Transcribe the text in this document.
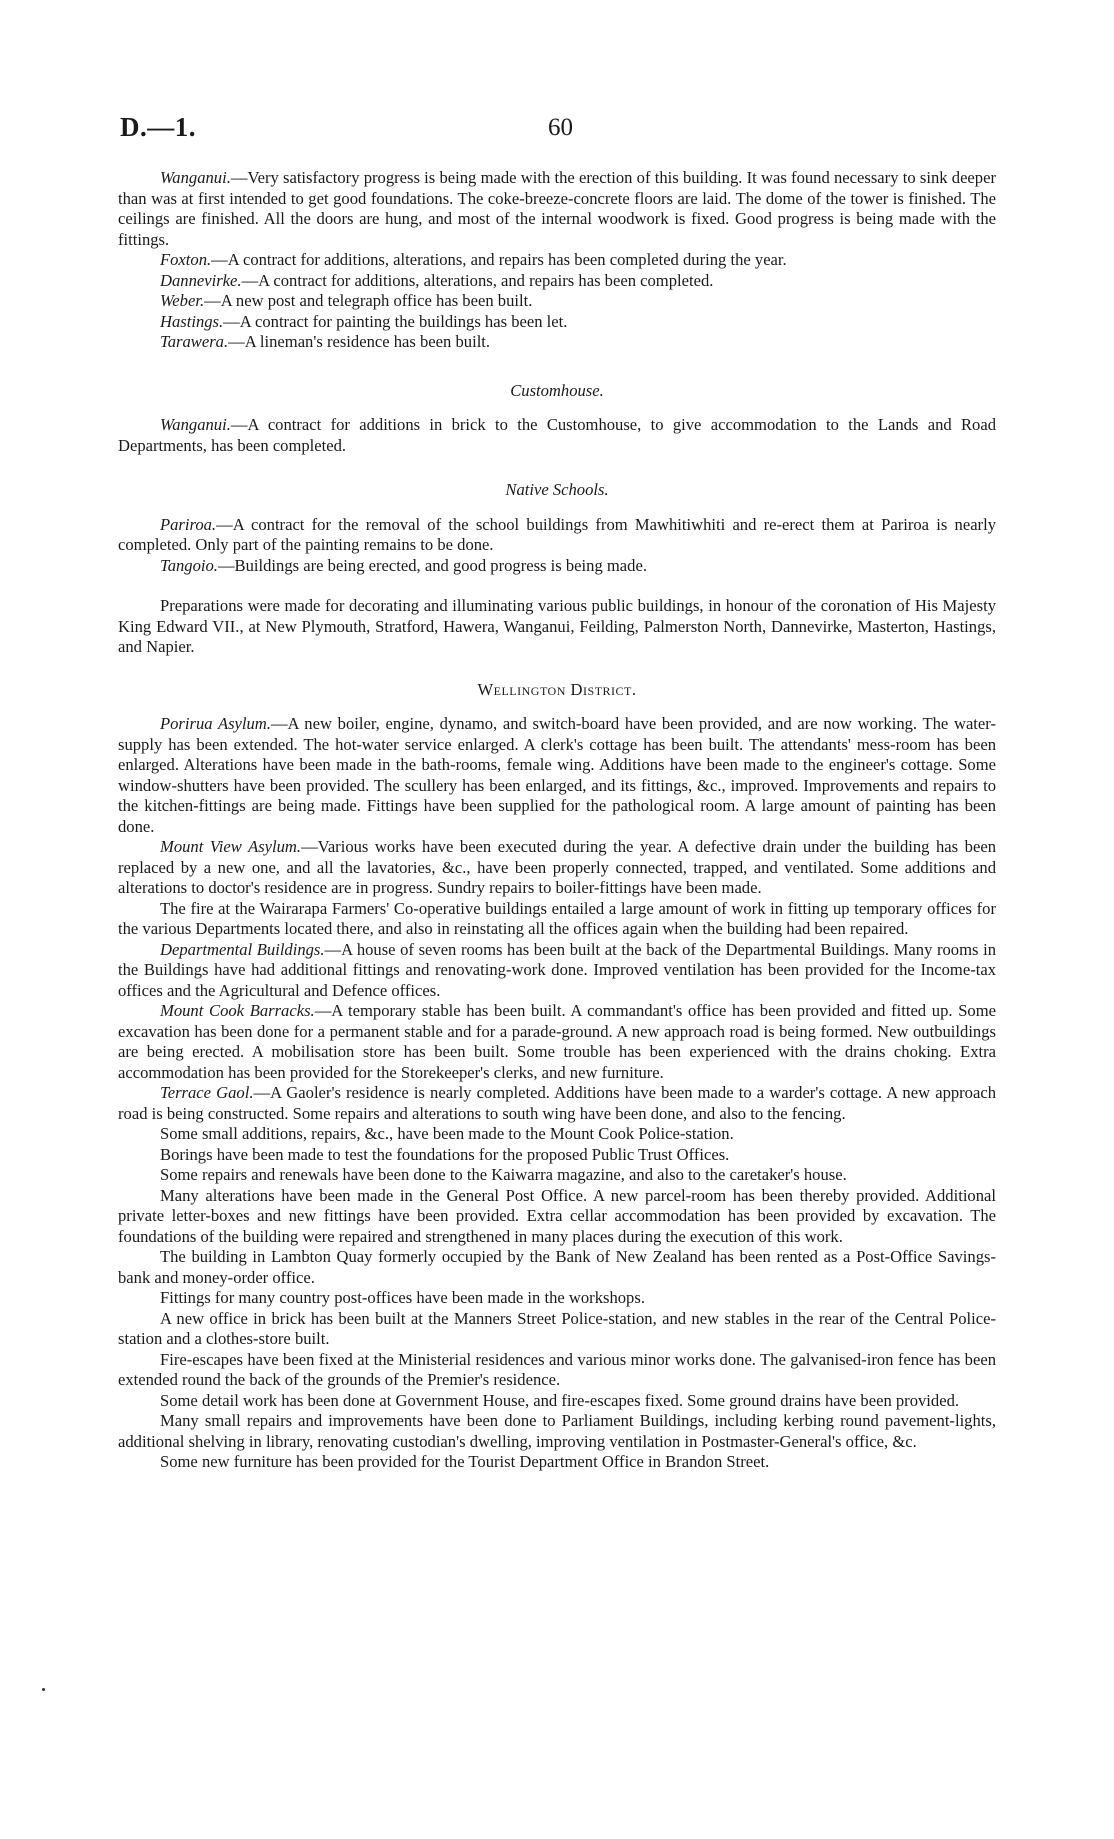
D.—1.	60

Wanganui.—Very satisfactory progress is being made with the erection of this building. It was found necessary to sink deeper than was at first intended to get good foundations. The coke-breeze-concrete floors are laid. The dome of the tower is finished. The ceilings are finished. All the doors are hung, and most of the internal woodwork is fixed. Good progress is being made with the fittings.

Foxton.—A contract for additions, alterations, and repairs has been completed during the year.

Dannevirke.—A contract for additions, alterations, and repairs has been completed.

Weber.—A new post and telegraph office has been built.

Hastings.—A contract for painting the buildings has been let.

Tarawera.—A lineman's residence has been built.

Customhouse.

Wanganui.—A contract for additions in brick to the Customhouse, to give accommodation to the Lands and Road Departments, has been completed.

Native Schools.

Pariroa.—A contract for the removal of the school buildings from Mawhitiwhiti and re-erect them at Pariroa is nearly completed. Only part of the painting remains to be done.

Tangoio.—Buildings are being erected, and good progress is being made.

Preparations were made for decorating and illuminating various public buildings, in honour of the coronation of His Majesty King Edward VII., at New Plymouth, Stratford, Hawera, Wanganui, Feilding, Palmerston North, Dannevirke, Masterton, Hastings, and Napier.

Wellington District.

Porirua Asylum.—A new boiler, engine, dynamo, and switch-board have been provided, and are now working. The water-supply has been extended. The hot-water service enlarged. A clerk's cottage has been built. The attendants' mess-room has been enlarged. Alterations have been made in the bath-rooms, female wing. Additions have been made to the engineer's cottage. Some window-shutters have been provided. The scullery has been enlarged, and its fittings, &c., improved. Improvements and repairs to the kitchen-fittings are being made. Fittings have been supplied for the pathological room. A large amount of painting has been done.

Mount View Asylum.—Various works have been executed during the year. A defective drain under the building has been replaced by a new one, and all the lavatories, &c., have been properly connected, trapped, and ventilated. Some additions and alterations to doctor's residence are in progress. Sundry repairs to boiler-fittings have been made.

The fire at the Wairarapa Farmers' Co-operative buildings entailed a large amount of work in fitting up temporary offices for the various Departments located there, and also in reinstating all the offices again when the building had been repaired.

Departmental Buildings.—A house of seven rooms has been built at the back of the Departmental Buildings. Many rooms in the Buildings have had additional fittings and renovating-work done. Improved ventilation has been provided for the Income-tax offices and the Agricultural and Defence offices.

Mount Cook Barracks.—A temporary stable has been built. A commandant's office has been provided and fitted up. Some excavation has been done for a permanent stable and for a parade-ground. A new approach road is being formed. New outbuildings are being erected. A mobilisation store has been built. Some trouble has been experienced with the drains choking. Extra accommodation has been provided for the Storekeeper's clerks, and new furniture.

Terrace Gaol.—A Gaoler's residence is nearly completed. Additions have been made to a warder's cottage. A new approach road is being constructed. Some repairs and alterations to south wing have been done, and also to the fencing.

Some small additions, repairs, &c., have been made to the Mount Cook Police-station.

Borings have been made to test the foundations for the proposed Public Trust Offices.

Some repairs and renewals have been done to the Kaiwarra magazine, and also to the caretaker's house.

Many alterations have been made in the General Post Office. A new parcel-room has been thereby provided. Additional private letter-boxes and new fittings have been provided. Extra cellar accommodation has been provided by excavation. The foundations of the building were repaired and strengthened in many places during the execution of this work.

The building in Lambton Quay formerly occupied by the Bank of New Zealand has been rented as a Post-Office Savings-bank and money-order office.

Fittings for many country post-offices have been made in the workshops.

A new office in brick has been built at the Manners Street Police-station, and new stables in the rear of the Central Police-station and a clothes-store built.

Fire-escapes have been fixed at the Ministerial residences and various minor works done. The galvanised-iron fence has been extended round the back of the grounds of the Premier's residence.

Some detail work has been done at Government House, and fire-escapes fixed. Some ground drains have been provided.

Many small repairs and improvements have been done to Parliament Buildings, including kerbing round pavement-lights, additional shelving in library, renovating custodian's dwelling, improving ventilation in Postmaster-General's office, &c.

Some new furniture has been provided for the Tourist Department Office in Brandon Street.
